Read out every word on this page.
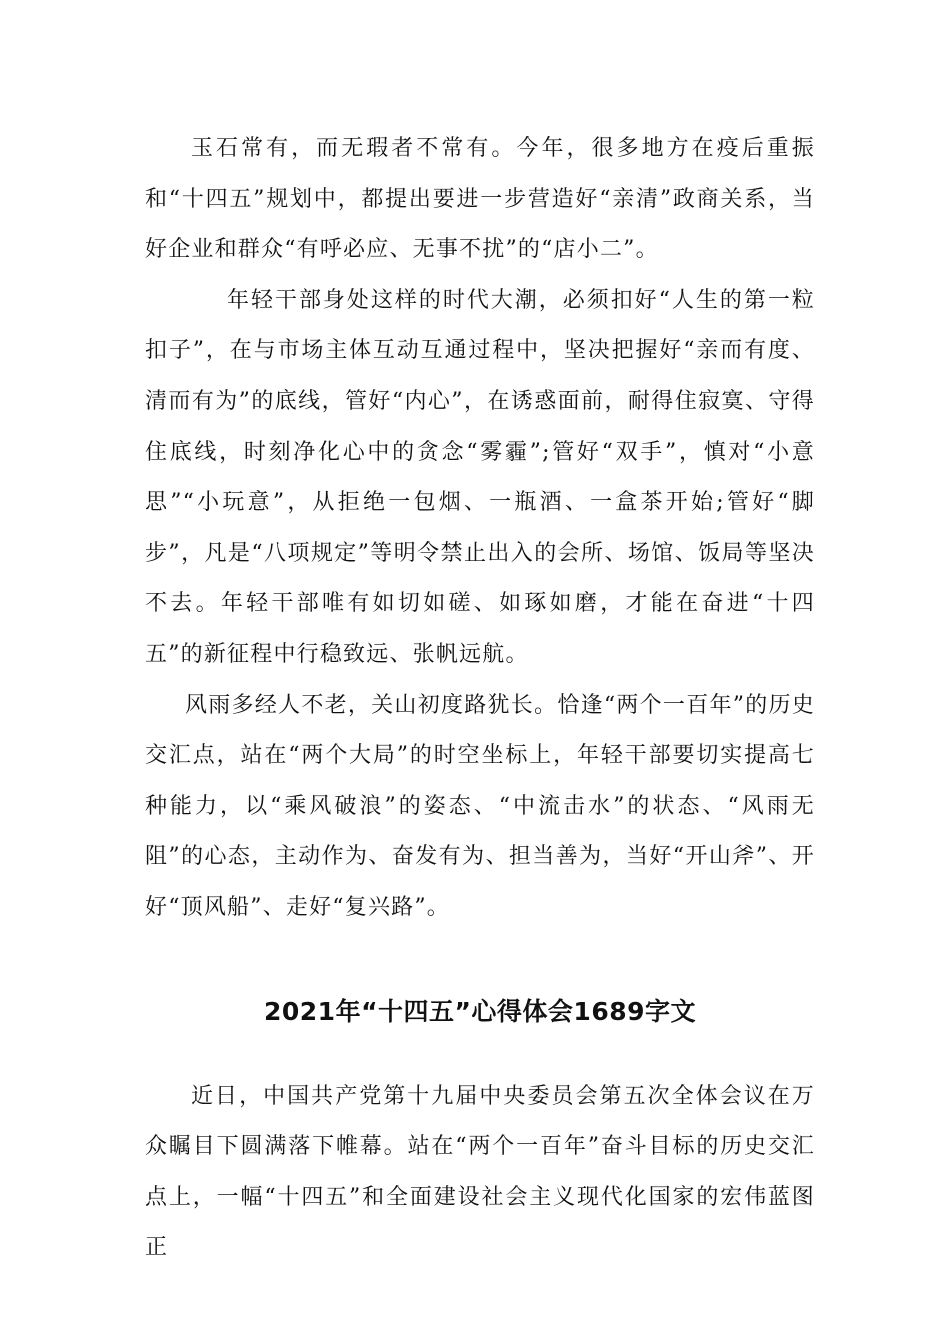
玉石常有，而无瑕者不常有。今年，很多地方在疫后重振和“十四五”规划中，都提出要进一步营造好“亲清”政商关系，当好企业和群众“有呼必应、无事不扰”的“店小二”。

年轻干部身处这样的时代大潮，必须扣好“人生的第一粒扣子”，在与市场主体互动互通过程中，坚决把握好“亲而有度、清而有为”的底线，管好“内心”，在诱惑面前，耐得住寂寞、守得住底线，时刻净化心中的贪念“雾霾”;管好“双手”，慎对“小意思”“小玩意”，从拒绝一包烟、一瓶酒、一盒茶开始;管好“脚步”，凡是“八项规定”等明令禁止出入的会所、场馆、饭局等坚决不去。年轻干部唯有如切如磋、如琢如磨，才能在奋进“十四五”的新征程中行稳致远、张帆远航。

风雨多经人不老，关山初度路犹长。恰逢“两个一百年”的历史交汇点，站在“两个大局”的时空坐标上，年轻干部要切实提高七种能力，以“乘风破浪”的姿态、“中流击水”的状态、“风雨无阻”的心态，主动作为、奋发有为、担当善为，当好“开山斧”、开好“顶风船”、走好“复兴路”。

2021年“十四五”心得体会1689字文

近日，中国共产党第十九届中央委员会第五次全体会议在万众瞩目下圆满落下帷幕。站在“两个一百年”奋斗目标的历史交汇点上，一幅“十四五”和全面建设社会主义现代化国家的宏伟蓝图正
